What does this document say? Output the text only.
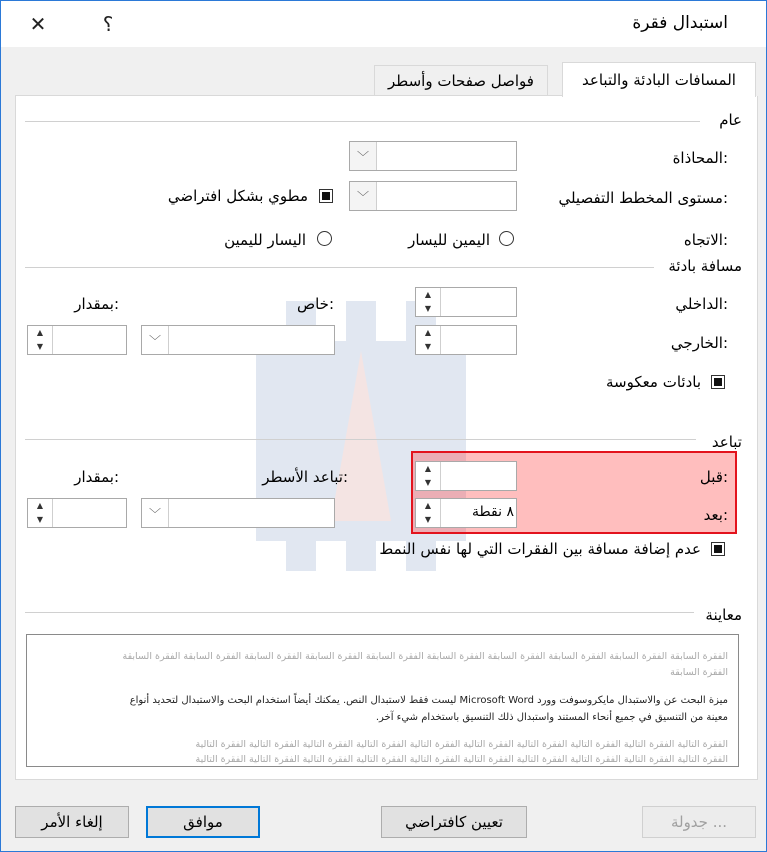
✕	؟	استبدال فقرة
المسافات البادئة والتباعد
فواصل صفحات وأسطر
عام
المحاذاة:
﹀
مستوى المخطط التفصيلي:
﹀
مطوي بشكل افتراضي
الاتجاه:
اليمين لليسار
اليسار لليمين
مسافة بادئة
الداخلي:
▲
▼
الخارجي:
▲
▼
خاص:
﹀
بمقدار:
▲
▼
بادئات معكوسة
تباعد
قبل:
▲
▼
بعد:
▲
▼	٨ نقطة
تباعد الأسطر:
﹀
بمقدار:
▲
▼
عدم إضافة مسافة بين الفقرات التي لها نفس النمط
معاينة
الفقرة السابقة الفقرة السابقة الفقرة السابقة الفقرة السابقة الفقرة السابقة الفقرة السابقة الفقرة السابقة الفقرة السابقة الفقرة السابقة الفقرة السابقة
الفقرة السابقة
ميزة البحث عن والاستبدال مايكروسوفت وورد Microsoft Word ليست فقط لاستبدال النص. يمكنك أيضاً استخدام البحث والاستبدال لتحديد أنواع
معينة من التنسيق في جميع أنحاء المستند واستبدال ذلك التنسيق باستخدام شيء آخر.
الفقرة التالية الفقرة التالية الفقرة التالية الفقرة التالية الفقرة التالية الفقرة التالية الفقرة التالية الفقرة التالية الفقرة التالية الفقرة التالية
الفقرة التالية الفقرة التالية الفقرة التالية الفقرة التالية الفقرة التالية الفقرة التالية الفقرة التالية الفقرة التالية الفقرة التالية الفقرة التالية
جدولة ...
تعيين كافتراضي
موافق
إلغاء الأمر
